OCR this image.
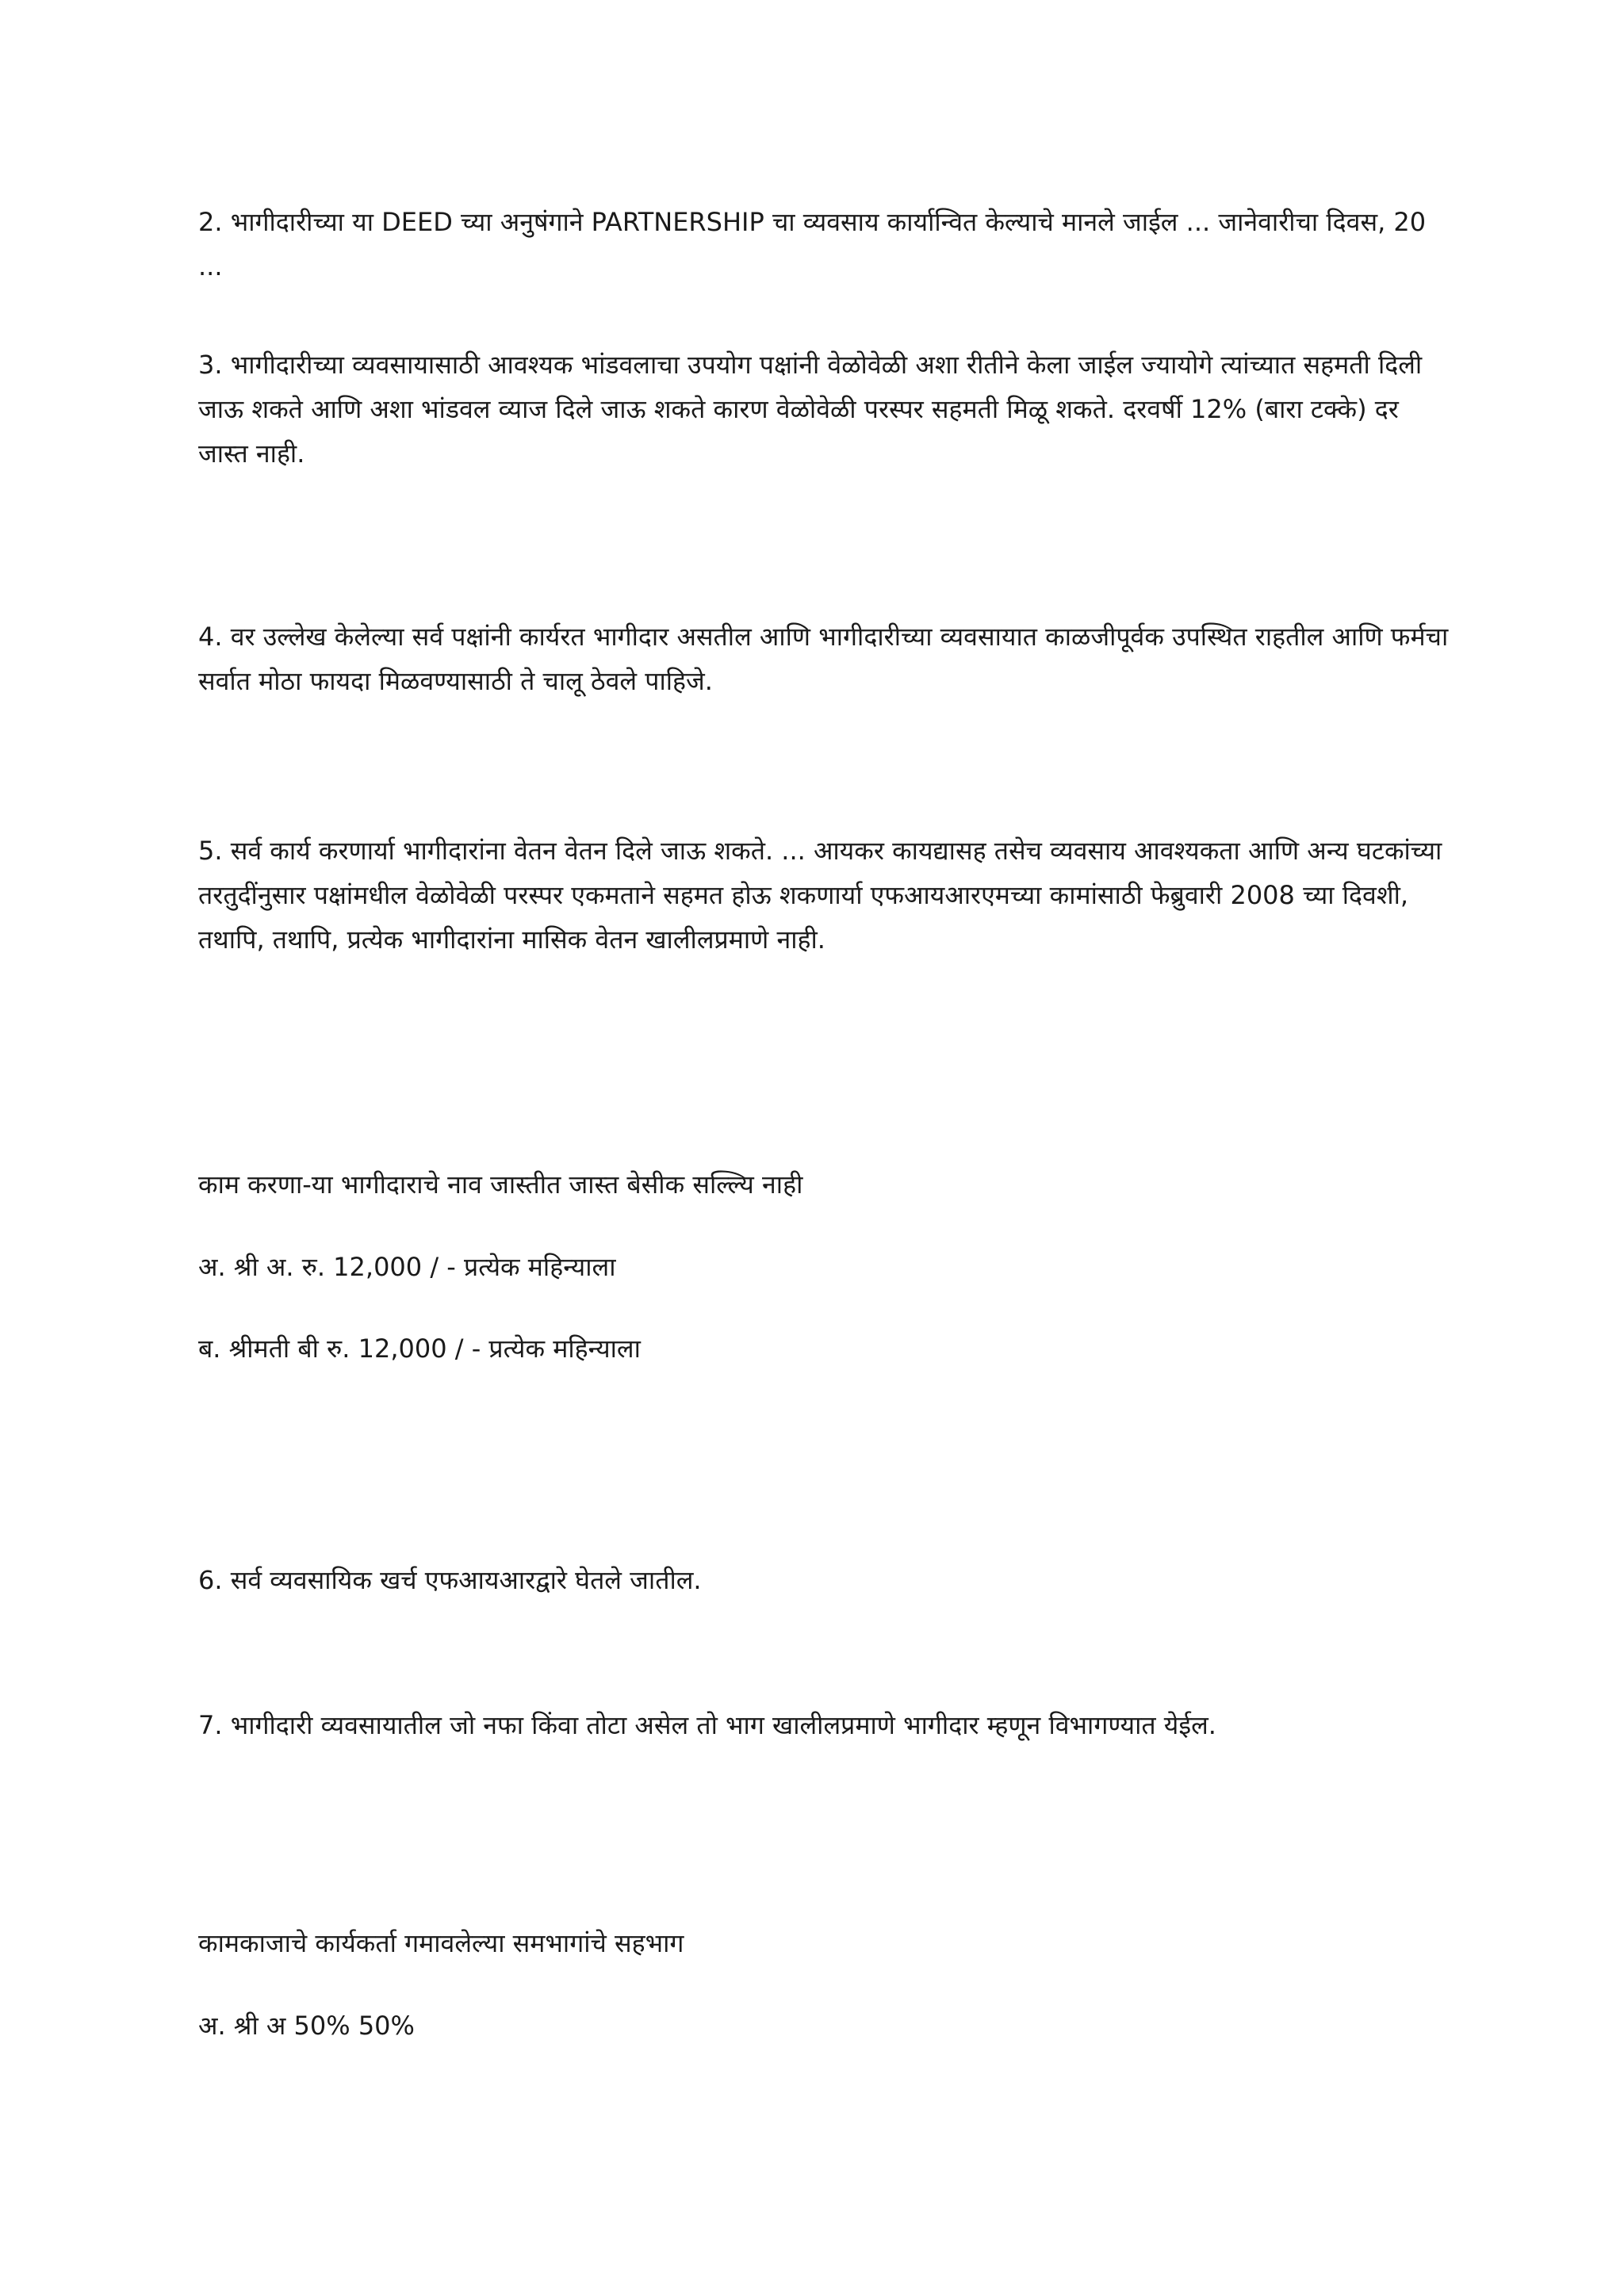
2. भागीदारीच्या या DEED च्या अनुषंगाने PARTNERSHIP चा व्यवसाय कार्यान्वित केल्याचे मानले जाईल ... जानेवारीचा दिवस, 20 ...

3. भागीदारीच्या व्यवसायासाठी आवश्यक भांडवलाचा उपयोग पक्षांनी वेळोवेळी अशा रीतीने केला जाईल ज्यायोगे त्यांच्यात सहमती दिली जाऊ शकते आणि अशा भांडवल व्याज दिले जाऊ शकते कारण वेळोवेळी परस्पर सहमती मिळू शकते. दरवर्षी 12% (बारा टक्के) दर जास्त नाही.

4. वर उल्लेख केलेल्या सर्व पक्षांनी कार्यरत भागीदार असतील आणि भागीदारीच्या व्यवसायात काळजीपूर्वक उपस्थित राहतील आणि फर्मचा सर्वात मोठा फायदा मिळवण्यासाठी ते चालू ठेवले पाहिजे.

5. सर्व कार्य करणार्या भागीदारांना वेतन वेतन दिले जाऊ शकते. ... आयकर कायद्यासह तसेच व्यवसाय आवश्यकता आणि अन्य घटकांच्या तरतुदींनुसार पक्षांमधील वेळोवेळी परस्पर एकमताने सहमत होऊ शकणार्या एफआयआरएमच्या कामांसाठी फेब्रुवारी 2008 च्या दिवशी, तथापि, तथापि, प्रत्येक भागीदारांना मासिक वेतन खालीलप्रमाणे नाही.

काम करणा-या भागीदाराचे नाव जास्तीत जास्त बेसीक सल्ल्यि नाही

अ. श्री अ. रु. 12,000 / - प्रत्येक महिन्याला

ब. श्रीमती बी रु. 12,000 / - प्रत्येक महिन्याला

6. सर्व व्यवसायिक खर्च एफआयआरद्वारे घेतले जातील.

7. भागीदारी व्यवसायातील जो नफा किंवा तोटा असेल तो भाग खालीलप्रमाणे भागीदार म्हणून विभागण्यात येईल.

कामकाजाचे कार्यकर्ता गमावलेल्या समभागांचे सहभाग

अ. श्री अ 50% 50%
